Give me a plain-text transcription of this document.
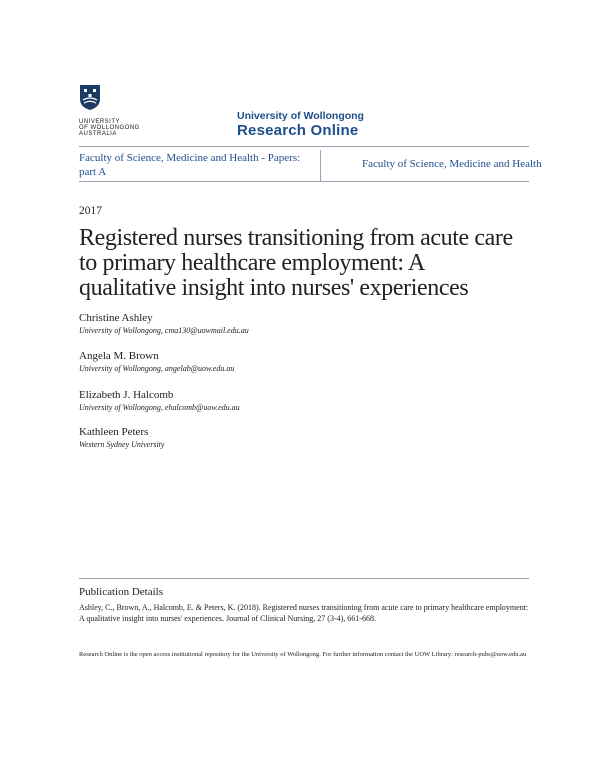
UNIVERSITY
OF WOLLONGONG
AUSTRALIA
University of Wollongong
Research Online
Faculty of Science, Medicine and Health - Papers: part A
Faculty of Science, Medicine and Health
2017
Registered nurses transitioning from acute care to primary healthcare employment: A qualitative insight into nurses' experiences
Christine Ashley
University of Wollongong, cma130@uowmail.edu.au
Angela M. Brown
University of Wollongong, angelab@uow.edu.au
Elizabeth J. Halcomb
University of Wollongong, ehalcomb@uow.edu.au
Kathleen Peters
Western Sydney University
Publication Details
Ashley, C., Brown, A., Halcomb, E. & Peters, K. (2018). Registered nurses transitioning from acute care to primary healthcare employment: A qualitative insight into nurses' experiences. Journal of Clinical Nursing, 27 (3-4), 661-668.
Research Online is the open access institutional repository for the University of Wollongong. For further information contact the UOW Library: research-pubs@uow.edu.au
